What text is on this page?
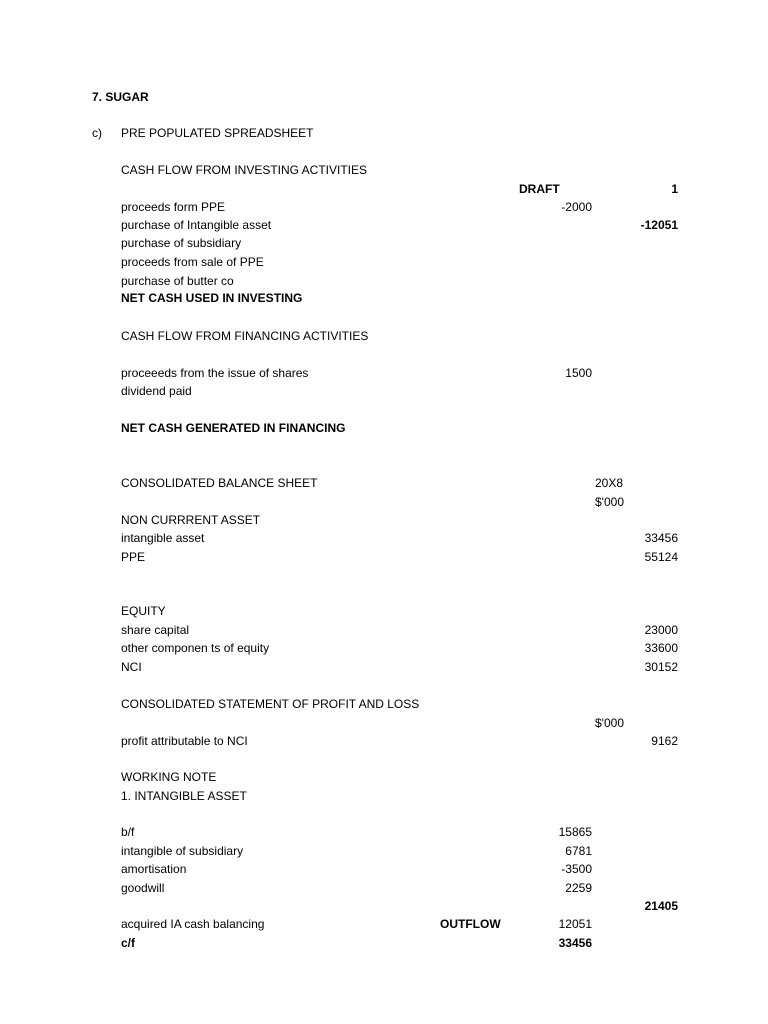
7. SUGAR
c) PRE POPULATED SPREADSHEET
CASH FLOW FROM INVESTING ACTIVITIES
DRAFT	1
proceeds form PPE	-2000
purchase of Intangible asset	-12051
purchase of subsidiary
proceeds from sale of PPE
purchase of butter co
NET CASH USED IN INVESTING
CASH FLOW FROM FINANCING ACTIVITIES
proceeeds from the issue of shares	1500
dividend paid
NET CASH GENERATED IN FINANCING
CONSOLIDATED BALANCE SHEET	20X8
$'000
NON CURRRENT ASSET
intangible asset	33456
PPE	55124
EQUITY
share capital	23000
other componen ts of equity	33600
NCI	30152
CONSOLIDATED STATEMENT OF PROFIT AND LOSS
$'000
profit attributable to NCI	9162
WORKING NOTE
1. INTANGIBLE ASSET
b/f	15865
intangible of subsidiary	6781
amortisation	-3500
goodwill	2259
21405
acquired IA cash balancing	OUTFLOW	12051
c/f	33456
